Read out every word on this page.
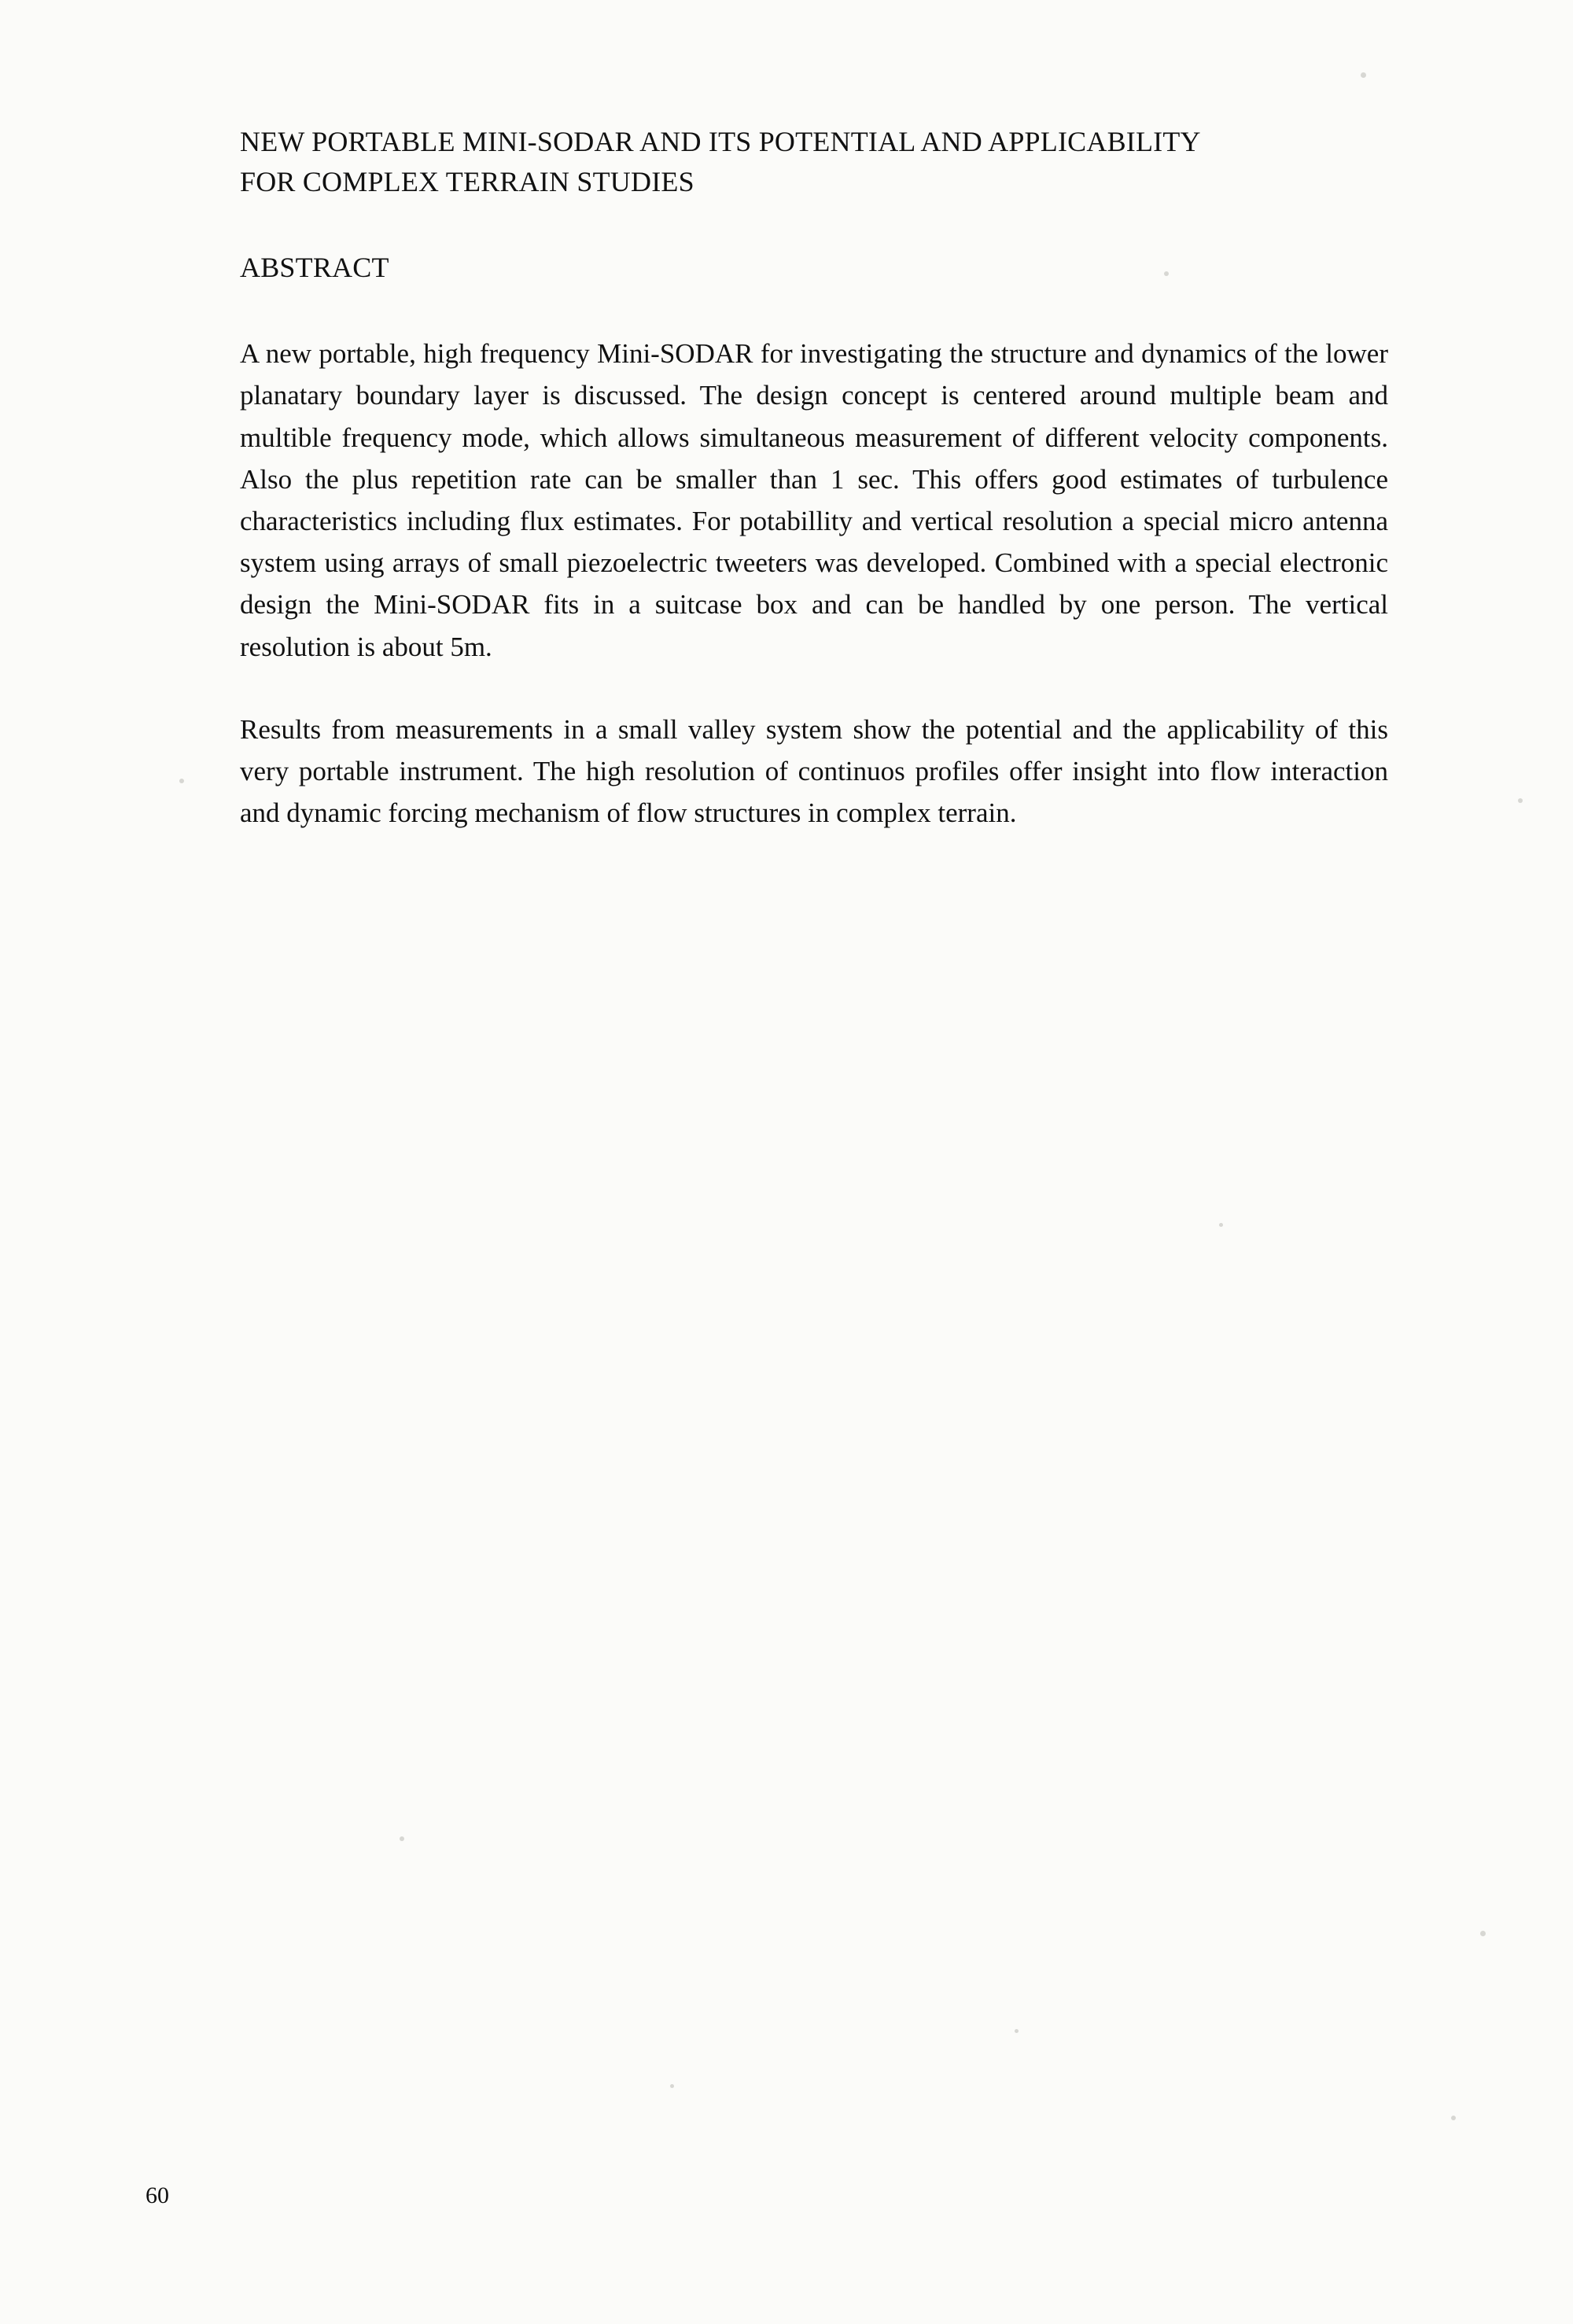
NEW PORTABLE MINI-SODAR AND ITS POTENTIAL AND APPLICABILITY
FOR COMPLEX TERRAIN STUDIES
ABSTRACT

A new portable, high frequency Mini-SODAR for investigating the structure and dynamics of the lower planatary boundary layer is discussed. The design concept is centered around multiple beam and multible frequency mode, which allows simultaneous measurement of different velocity components. Also the plus repetition rate can be smaller than 1 sec. This offers good estimates of turbulence characteristics including flux estimates. For potabillity and vertical resolution a special micro antenna system using arrays of small piezoelectric tweeters was developed. Combined with a special electronic design the Mini-SODAR fits in a suitcase box and can be handled by one person. The vertical resolution is about 5m.

Results from measurements in a small valley system show the potential and the applicability of this very portable instrument. The high resolution of continuos profiles offer insight into flow interaction and dynamic forcing mechanism of flow structures in complex terrain.

60
